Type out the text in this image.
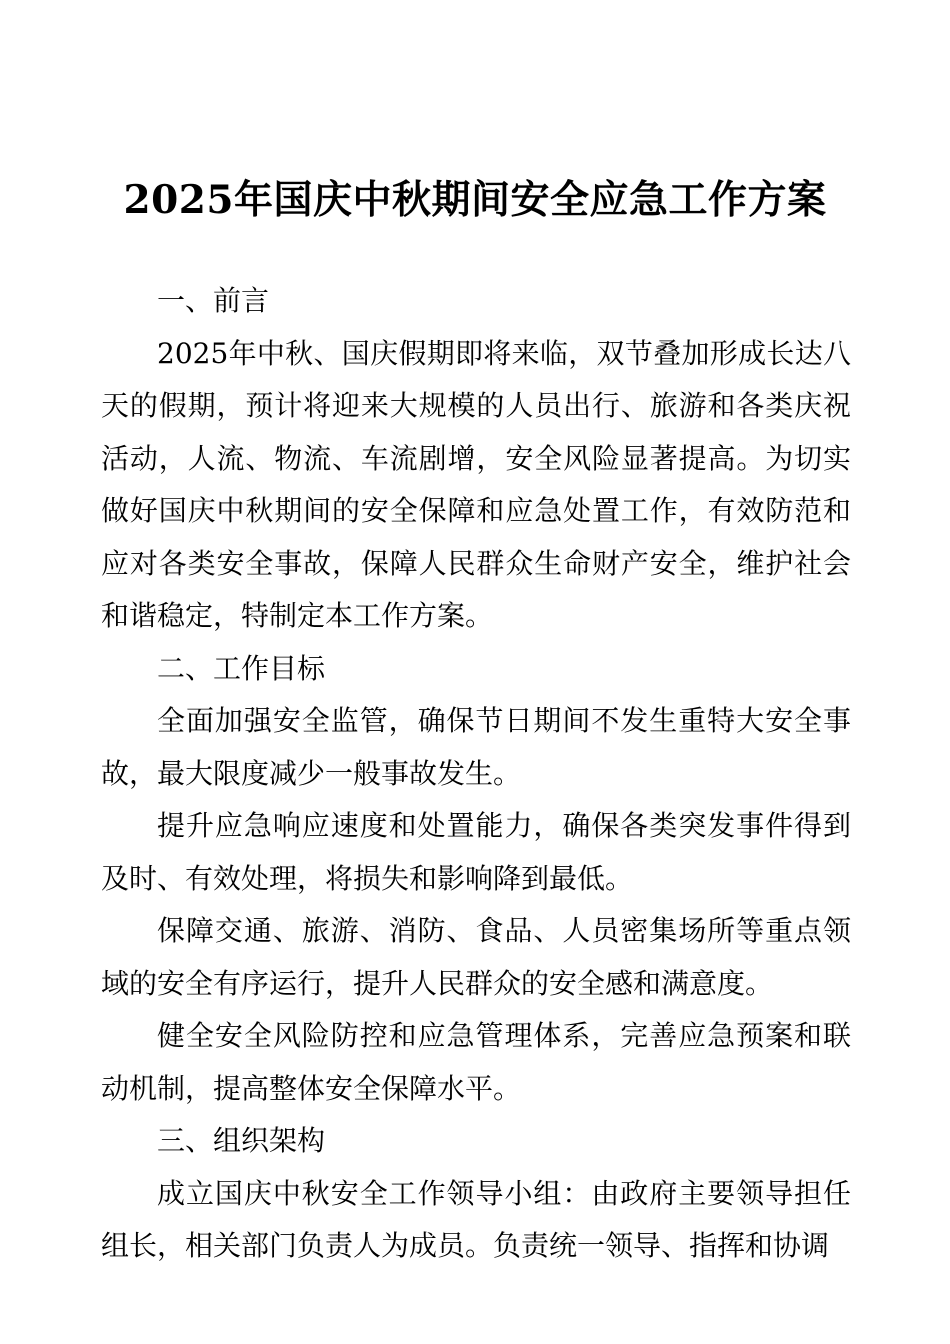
2025年国庆中秋期间安全应急工作方案

一、前言

2025年中秋、国庆假期即将来临，双节叠加形成长达八天的假期，预计将迎来大规模的人员出行、旅游和各类庆祝活动，人流、物流、车流剧增，安全风险显著提高。为切实做好国庆中秋期间的安全保障和应急处置工作，有效防范和应对各类安全事故，保障人民群众生命财产安全，维护社会和谐稳定，特制定本工作方案。

二、工作目标

全面加强安全监管，确保节日期间不发生重特大安全事故，最大限度减少一般事故发生。

提升应急响应速度和处置能力，确保各类突发事件得到及时、有效处理，将损失和影响降到最低。

保障交通、旅游、消防、食品、人员密集场所等重点领域的安全有序运行，提升人民群众的安全感和满意度。

健全安全风险防控和应急管理体系，完善应急预案和联动机制，提高整体安全保障水平。

三、组织架构

成立国庆中秋安全工作领导小组：由政府主要领导担任组长，相关部门负责人为成员。负责统一领导、指挥和协调
